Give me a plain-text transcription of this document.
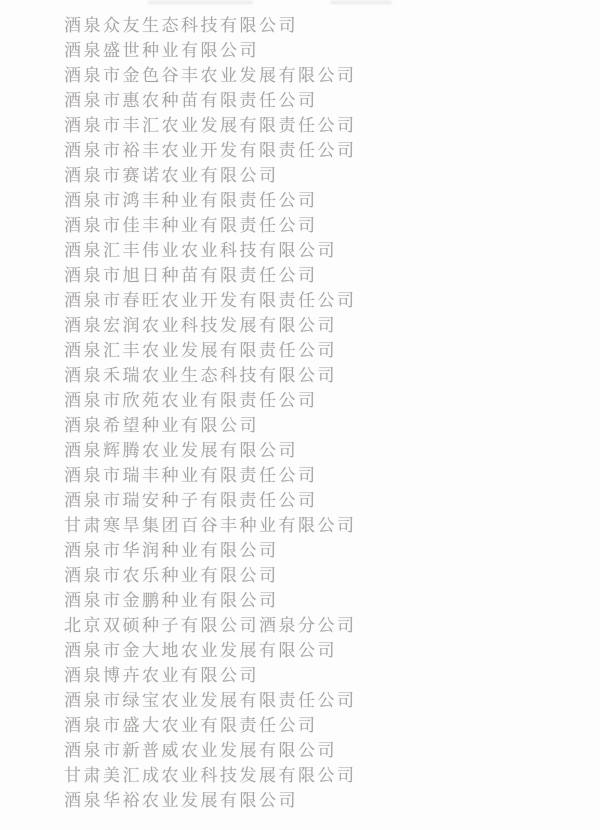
酒泉众友生态科技有限公司
酒泉盛世种业有限公司
酒泉市金色谷丰农业发展有限公司
酒泉市惠农种苗有限责任公司
酒泉市丰汇农业发展有限责任公司
酒泉市裕丰农业开发有限责任公司
酒泉市赛诺农业有限公司
酒泉市鸿丰种业有限责任公司
酒泉市佳丰种业有限责任公司
酒泉汇丰伟业农业科技有限公司
酒泉市旭日种苗有限责任公司
酒泉市春旺农业开发有限责任公司
酒泉宏润农业科技发展有限公司
酒泉汇丰农业发展有限责任公司
酒泉禾瑞农业生态科技有限公司
酒泉市欣苑农业有限责任公司
酒泉希望种业有限公司
酒泉辉腾农业发展有限公司
酒泉市瑞丰种业有限责任公司
酒泉市瑞安种子有限责任公司
甘肃寒旱集团百谷丰种业有限公司
酒泉市华润种业有限公司
酒泉市农乐种业有限公司
酒泉市金鹏种业有限公司
北京双硕种子有限公司酒泉分公司
酒泉市金大地农业发展有限公司
酒泉博卉农业有限公司
酒泉市绿宝农业发展有限责任公司
酒泉市盛大农业有限责任公司
酒泉市新普威农业发展有限公司
甘肃美汇成农业科技发展有限公司
酒泉华裕农业发展有限公司
